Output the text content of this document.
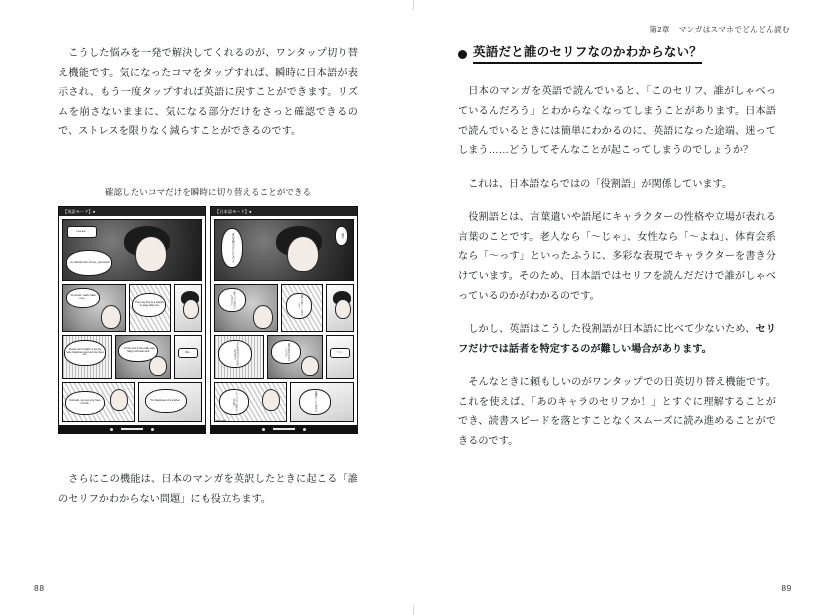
こうした悩みを一発で解決してくれるのが、ワンタップ切り替え機能です。気になったコマをタップすれば、瞬時に日本語が表示され、もう一度タップすれば英語に戻すことができます。リズムを崩さないままに、気になる部分だけをさっと確認できるので、ストレスを限りなく減らすことができるのです。

確認したいコマだけを瞬時に切り替えることができる

【英語モード】●
Lies are...
...an ultimate form of love, you know?
You know I really make love...
They say they're a happily on page after just.
People don't realise it, but we have happiness and our own lives too.
...it'd be nice if she really was happy and was wed.	But...
Normally, you can only have one life.
The happiness of a mother...
【日本語モード】●
愛の究極のかたちなのよ	嘘は
私だって幸せになりたい	彼らはすごく幸せそう
みんな自分の人生があるのよ	彼女が幸せならいいのに	でも…
ふつうは一度きりの人生	母親としての幸せ
Lies are…

さらにこの機能は、日本のマンガを英訳したときに起こる「誰のセリフかわからない問題」にも役立ちます。

88
第2章 マンガはスマホでどんどん読む
英語だと誰のセリフなのかわからない？

日本のマンガを英語で読んでいると、「このセリフ、誰がしゃべっているんだろう」とわからなくなってしまうことがあります。日本語で読んでいるときには簡単にわかるのに、英語になった途端、迷ってしまう……どうしてそんなことが起こってしまうのでしょうか？

これは、日本語ならではの「役割語」が関係しています。

役割語とは、言葉遣いや語尾にキャラクターの性格や立場が表れる言葉のことです。老人なら「～じゃ」、女性なら「～よね」、体育会系なら「～っす」といったふうに、多彩な表現でキャラクターを書き分けています。そのため、日本語ではセリフを読んだだけで誰がしゃべっているのかがわかるのです。

しかし、英語はこうした役割語が日本語に比べて少ないため、セリフだけでは話者を特定するのが難しい場合があります。

そんなときに頼もしいのがワンタップでの日英切り替え機能です。これを使えば、「あのキャラのセリフか！」とすぐに理解することができ、読書スピードを落とすことなくスムーズに読み進めることができるのです。

89
